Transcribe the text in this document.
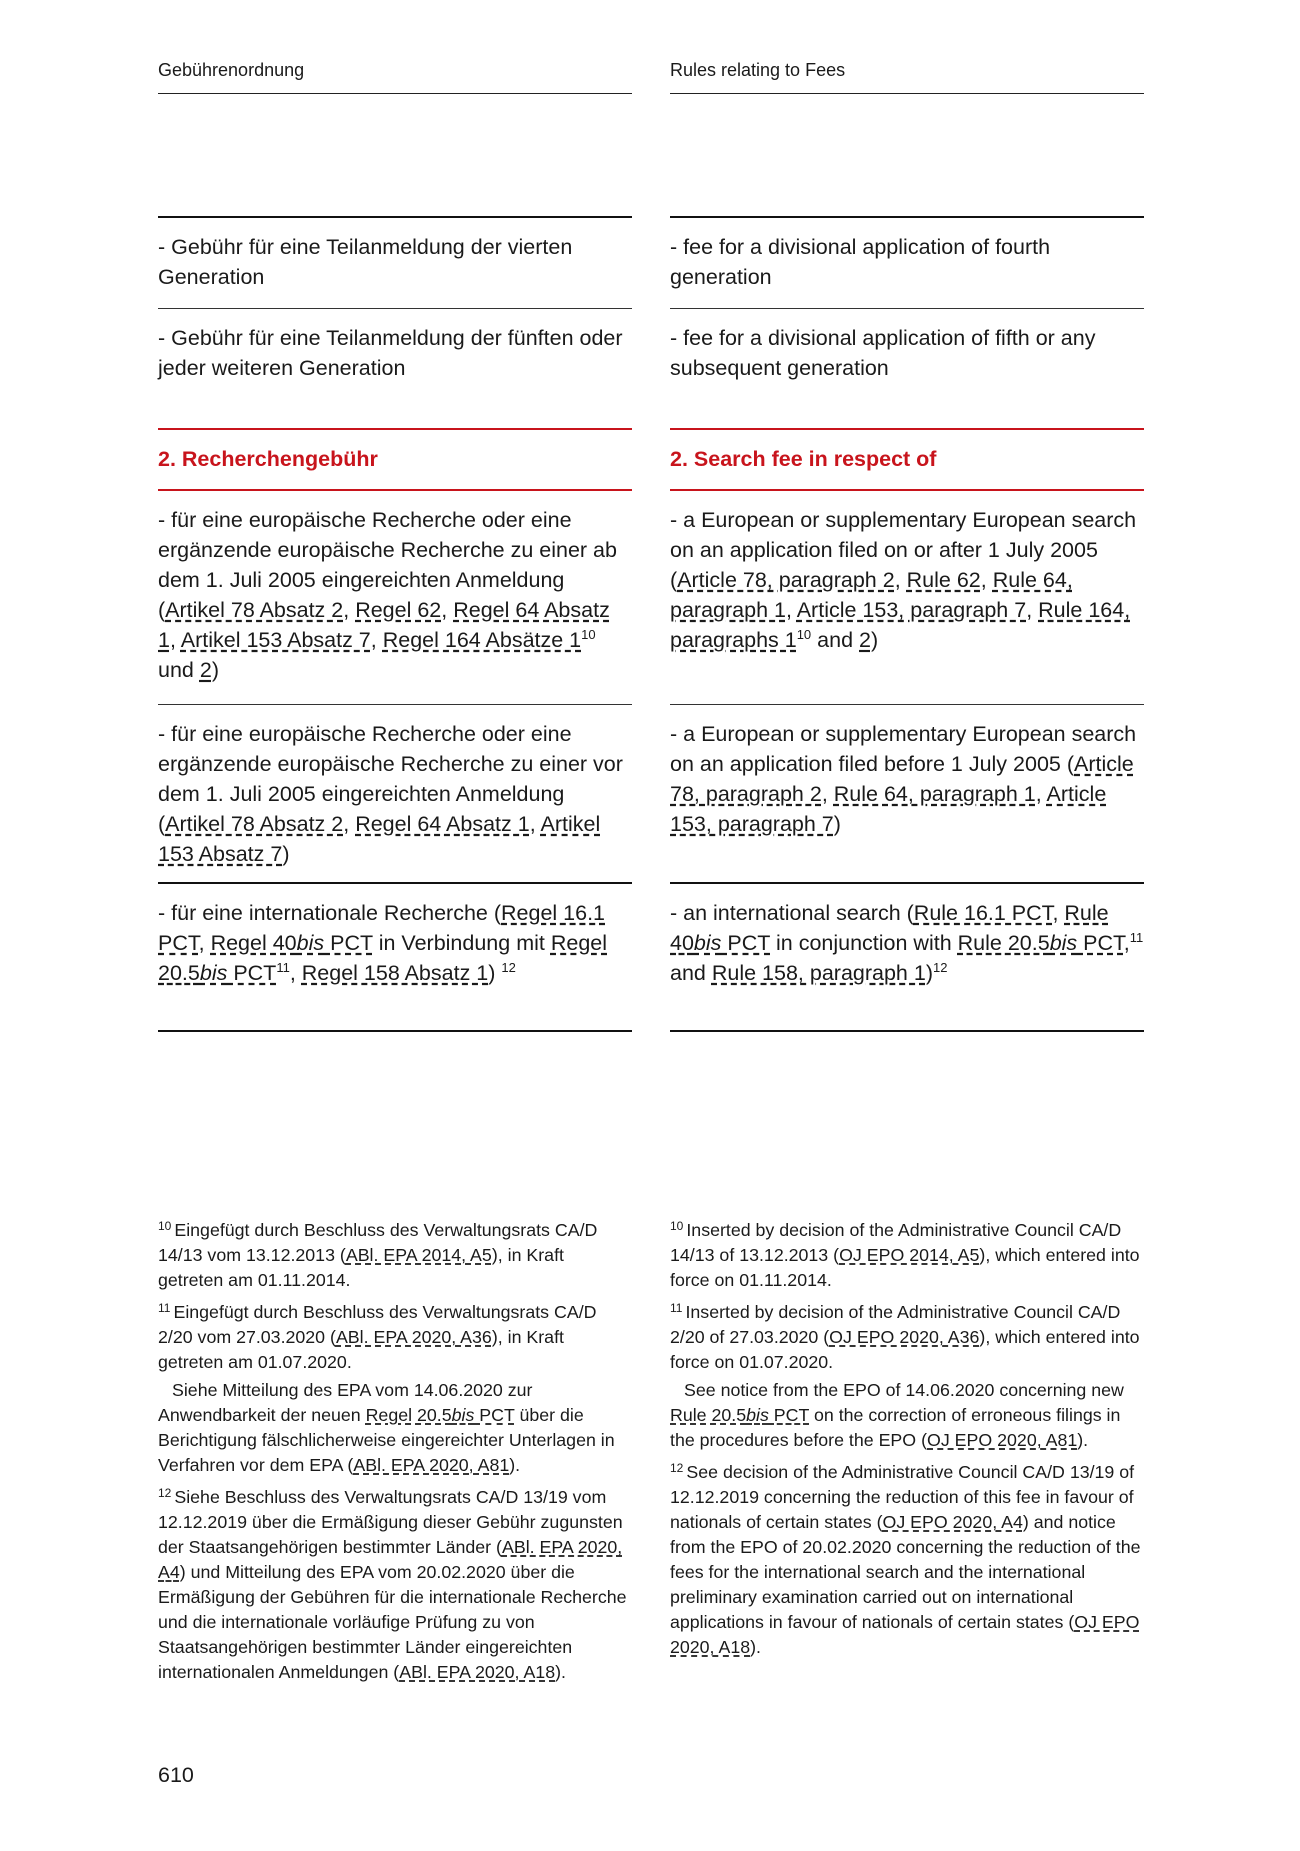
Gebührenordnung	Rules relating to Fees
- Gebühr für eine Teilanmeldung der vierten Generation
- Gebühr für eine Teilanmeldung der fünften oder jeder weiteren Generation
2. Recherchengebühr
- für eine europäische Recherche oder eine ergänzende europäische Recherche zu einer ab dem 1. Juli 2005 eingereichten Anmeldung (Artikel 78 Absatz 2, Regel 62, Regel 64 Absatz 1, Artikel 153 Absatz 7, Regel 164 Absätze $1^{10}$ und 2)
- für eine europäische Recherche oder eine ergänzende europäische Recherche zu einer vor dem 1. Juli 2005 eingereichten Anmeldung (Artikel 78 Absatz 2, Regel 64 Absatz 1, Artikel 153 Absatz 7)
- für eine internationale Recherche (Regel 16.1 PCT, Regel 40bis PCT in Verbindung mit Regel 20.5bis PCT$^{11}$, Regel 158 Absatz 1) $^{12}$
- fee for a divisional application of fourth generation
- fee for a divisional application of fifth or any subsequent generation
2. Search fee in respect of
- a European or supplementary European search on an application filed on or after 1 July 2005 (Article 78, paragraph 2, Rule 62, Rule 64, paragraph 1, Article 153, paragraph 7, Rule 164, paragraphs $1^{10}$ and 2)
- a European or supplementary European search on an application filed before 1 July 2005 (Article 78, paragraph 2, Rule 64, paragraph 1, Article 153, paragraph 7)
- an international search (Rule 16.1 PCT, Rule 40bis PCT in conjunction with Rule 20.5bis PCT,$^{11}$ and Rule 158, paragraph 1)$^{12}$

$^{10}$ Eingefügt durch Beschluss des Verwaltungsrats CA/D 14/13 vom 13.12.2013 (ABl. EPA 2014, A5), in Kraft getreten am 01.11.2014.

$^{11}$ Eingefügt durch Beschluss des Verwaltungsrats CA/D 2/20 vom 27.03.2020 (ABl. EPA 2020, A36), in Kraft getreten am 01.07.2020.

Siehe Mitteilung des EPA vom 14.06.2020 zur Anwendbarkeit der neuen Regel 20.5bis PCT über die Berichtigung fälschlicherweise eingereichter Unterlagen in Verfahren vor dem EPA (ABl. EPA 2020, A81).

$^{12}$ Siehe Beschluss des Verwaltungsrats CA/D 13/19 vom 12.12.2019 über die Ermäßigung dieser Gebühr zugunsten der Staatsangehörigen bestimmter Länder (ABl. EPA 2020, A4) und Mitteilung des EPA vom 20.02.2020 über die Ermäßigung der Gebühren für die internationale Recherche und die internationale vorläufige Prüfung zu von Staatsangehörigen bestimmter Länder eingereichten internationalen Anmeldungen (ABl. EPA 2020, A18).

$^{10}$ Inserted by decision of the Administrative Council CA/D 14/13 of 13.12.2013 (OJ EPO 2014, A5), which entered into force on 01.11.2014.

$^{11}$ Inserted by decision of the Administrative Council CA/D 2/20 of 27.03.2020 (OJ EPO 2020, A36), which entered into force on 01.07.2020.

See notice from the EPO of 14.06.2020 concerning new Rule 20.5bis PCT on the correction of erroneous filings in the procedures before the EPO (OJ EPO 2020, A81).

$^{12}$ See decision of the Administrative Council CA/D 13/19 of 12.12.2019 concerning the reduction of this fee in favour of nationals of certain states (OJ EPO 2020, A4) and notice from the EPO of 20.02.2020 concerning the reduction of the fees for the international search and the international preliminary examination carried out on international applications in favour of nationals of certain states (OJ EPO 2020, A18).

610
